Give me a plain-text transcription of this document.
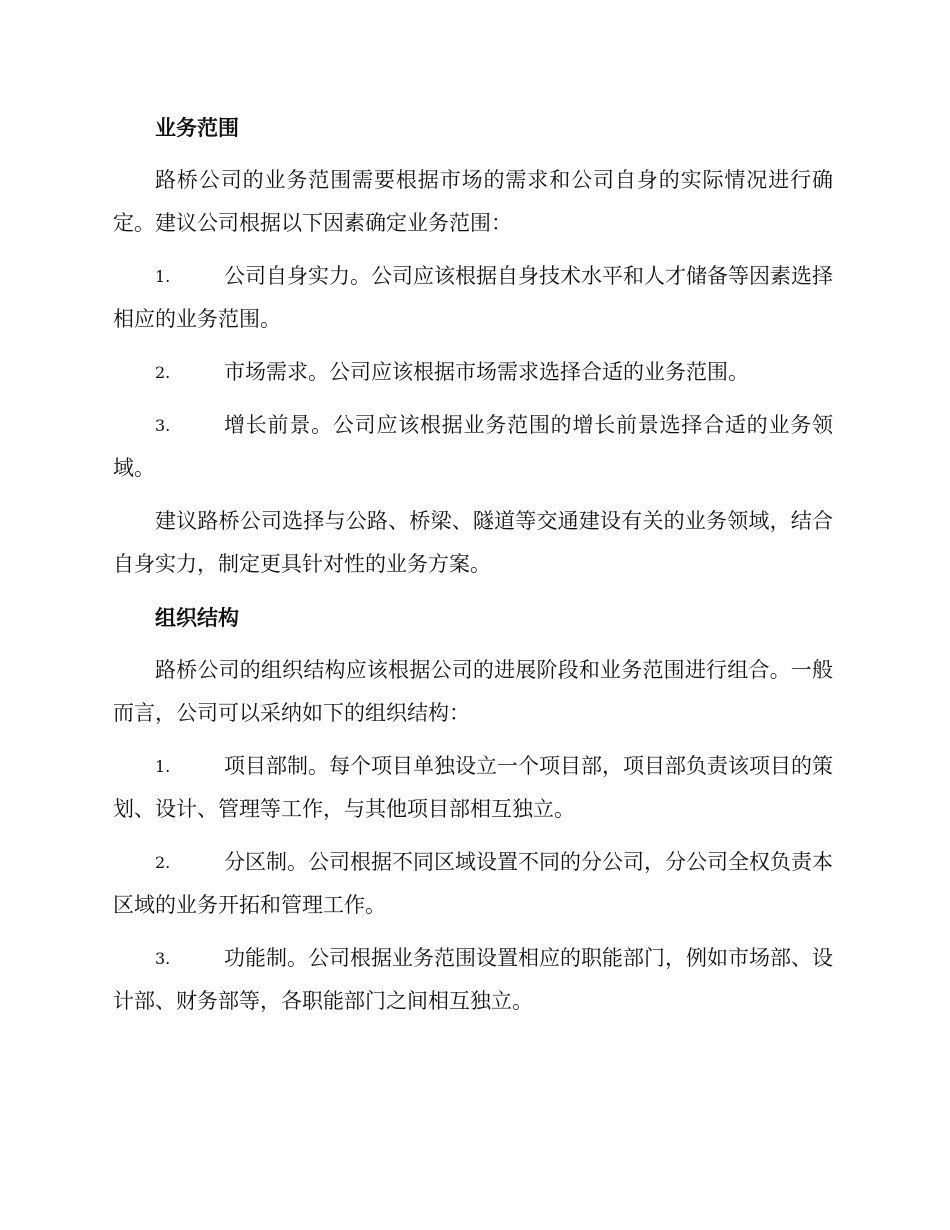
业务范围
路桥公司的业务范围需要根据市场的需求和公司自身的实际情况进行确定。建议公司根据以下因素确定业务范围：
1.	公司自身实力。公司应该根据自身技术水平和人才储备等因素选择相应的业务范围。
2.	市场需求。公司应该根据市场需求选择合适的业务范围。
3.	增长前景。公司应该根据业务范围的增长前景选择合适的业务领域。
建议路桥公司选择与公路、桥梁、隧道等交通建设有关的业务领域，结合自身实力，制定更具针对性的业务方案。
组织结构
路桥公司的组织结构应该根据公司的进展阶段和业务范围进行组合。一般而言，公司可以采纳如下的组织结构：
1.	项目部制。每个项目单独设立一个项目部，项目部负责该项目的策划、设计、管理等工作，与其他项目部相互独立。
2.	分区制。公司根据不同区域设置不同的分公司，分公司全权负责本区域的业务开拓和管理工作。
3.	功能制。公司根据业务范围设置相应的职能部门，例如市场部、设计部、财务部等，各职能部门之间相互独立。
